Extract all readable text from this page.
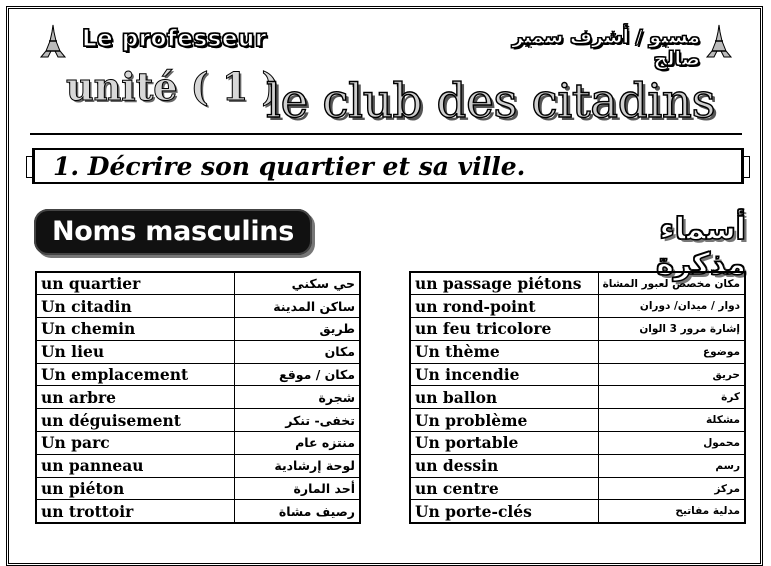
Le professeur	مسيو / أشرف سمير صالح
unité ( 1 )
le club des citadins
1. Décrire son quartier et sa ville.
Noms masculins	أسماء مذكرة
un quartier	حي سكني
Un citadin	ساكن المدينة
Un chemin	طريق
Un lieu	مكان
Un emplacement	مكان / موقع
un arbre	شجرة
un déguisement	تخفى- تنكر
Un parc	منتزه عام
un panneau	لوحة إرشادية
un piéton	أحد المارة
un trottoir	رصيف مشاة
un passage piétons	مكان مخصص لعبور المشاة
un rond-point	دوار / ميدان/ دوران
un feu tricolore	إشارة مرور 3 الوان
Un thème	موضوع
Un incendie	حريق
un ballon	كرة
Un problème	مشكلة
Un portable	محمول
un dessin	رسم
un centre	مركز
Un porte-clés	مدلية مفاتيح
